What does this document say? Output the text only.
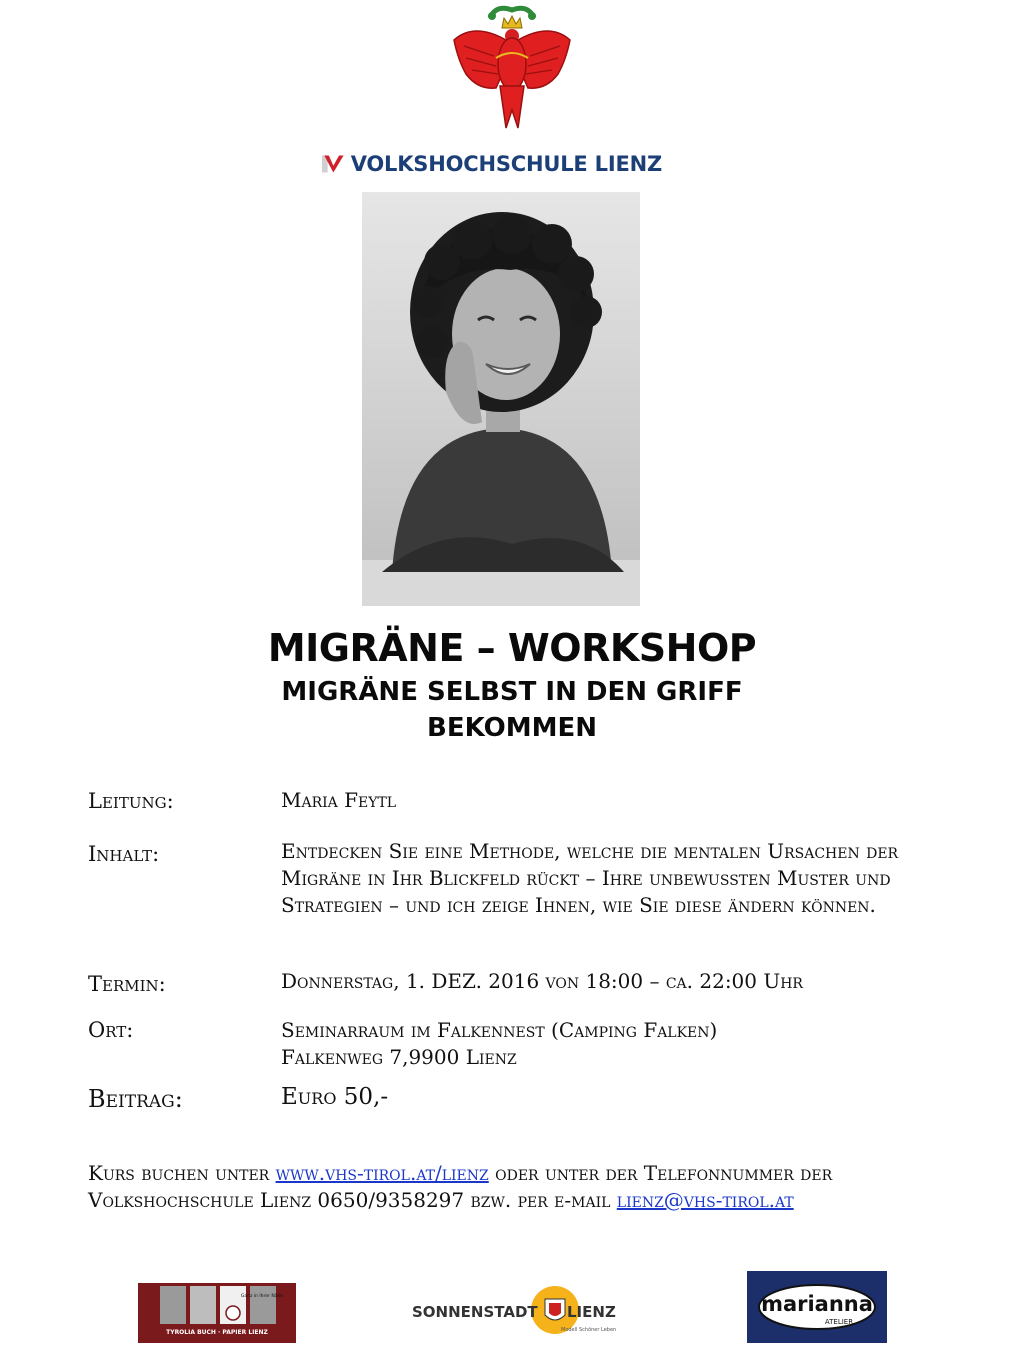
VOLKSHOCHSCHULE LIENZ
MIGRÄNE – WORKSHOP
MIGRÄNE SELBST IN DEN GRIFF BEKOMMEN
Leitung:	Maria Feytl
Inhalt:	Entdecken Sie eine Methode, welche die mentalen Ursachen der Migräne in Ihr Blickfeld rückt – Ihre unbewussten Muster und Strategien – und ich zeige Ihnen, wie Sie diese ändern können.
Termin:	Donnerstag, 1. DEZ. 2016 von 18:00 – ca. 22:00 Uhr
Ort:	Seminarraum im Falkennest (Camping Falken)
Falkenweg 7,9900 Lienz
Beitrag:	Euro 50,-
Kurs buchen unter www.vhs-tirol.at/lienz oder unter der Telefonnummer der Volkshochschule Lienz 0650/9358297 bzw. per e-mail lienz@vhs-tirol.at
Ganz in Ihrer Nähe
TYROLIA BUCH · PAPIER LIENZ
SONNENSTADT LIENZ
Modell Schöner Leben
marianna
ATELIER
